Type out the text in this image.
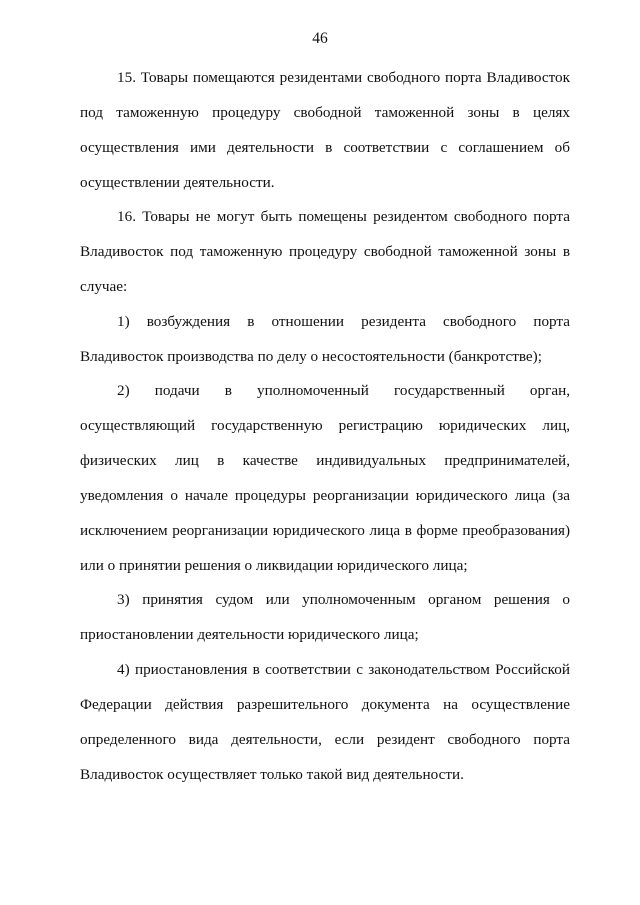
46
15. Товары помещаются резидентами свободного порта Владивосток
под таможенную процедуру свободной таможенной зоны в целях
осуществления ими деятельности в соответствии с соглашением об
осуществлении деятельности.
16. Товары не могут быть помещены резидентом свободного порта
Владивосток под таможенную процедуру свободной таможенной зоны в
случае:
1) возбуждения в отношении резидента свободного порта
Владивосток производства по делу о несостоятельности (банкротстве);
2) подачи в уполномоченный государственный орган,
осуществляющий государственную регистрацию юридических лиц,
физических лиц в качестве индивидуальных предпринимателей,
уведомления о начале процедуры реорганизации юридического лица (за
исключением реорганизации юридического лица в форме преобразования)
или о принятии решения о ликвидации юридического лица;
3) принятия судом или уполномоченным органом решения о
приостановлении деятельности юридического лица;
4) приостановления в соответствии с законодательством Российской
Федерации действия разрешительного документа на осуществление
определенного вида деятельности, если резидент свободного порта
Владивосток осуществляет только такой вид деятельности.
